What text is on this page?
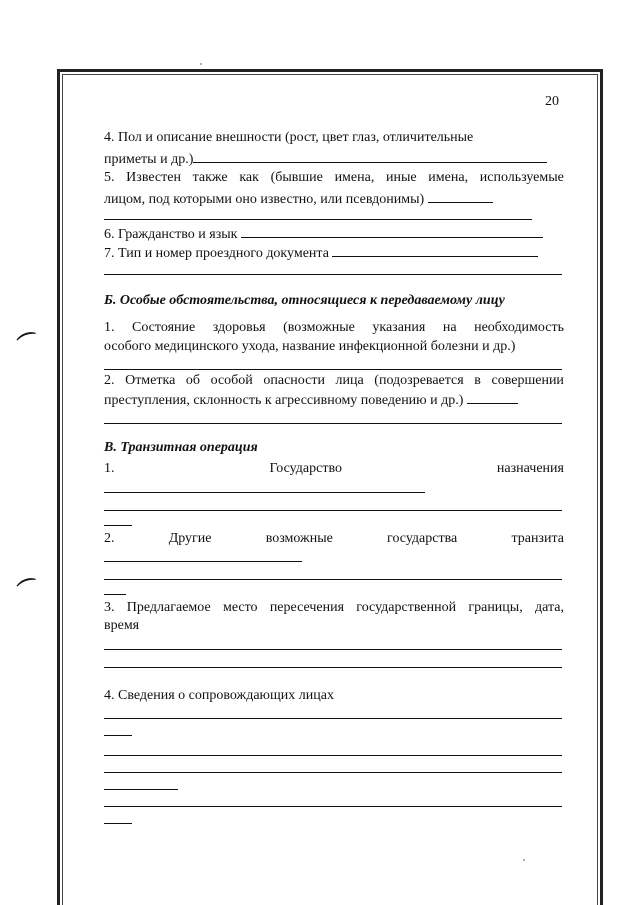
⌒
⌒
20
4. Пол и описание внешности (рост, цвет глаз, отличительные
приметы и др.)
5. Известен также как (бывшие имена, иные имена, используемые
лицом, под которыми оно известно, или псевдонимы)
6. Гражданство и язык
7. Тип и номер проездного документа
Б. Особые обстоятельства, относящиеся к передаваемому лицу
1. Состояние здоровья (возможные указания на необходимость
особого медицинского ухода, название инфекционной болезни и др.)
2. Отметка об особой опасности лица (подозревается в совершении
преступления, склонность к агрессивному поведению и др.)
В. Транзитная операция
1.	Государство	назначения
2.	Другие	возможные	государства	транзита
3. Предлагаемое место пересечения государственной границы, дата,
время
4. Сведения о сопровождающих лицах
